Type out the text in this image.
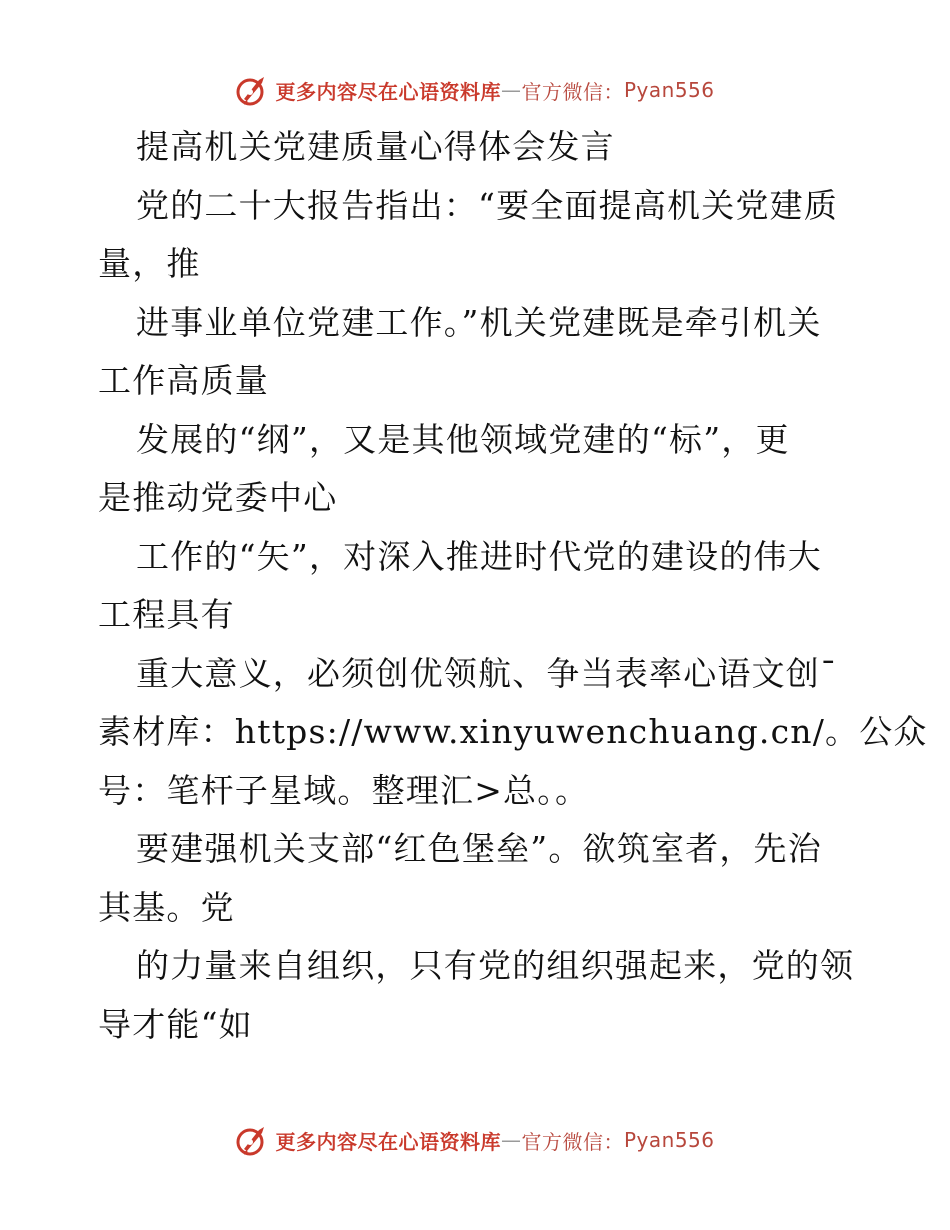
更多内容尽在心语资料库 — 官方微信： Pyan556
提高机关党建质量心得体会发言
党的二十大报告指出：“要全面提高机关党建质
量，推
进事业单位党建工作。”机关党建既是牵引机关
工作高质量
发展的“纲”，又是其他领域党建的“标”，更
是推动党委中心
工作的“矢”，对深入推进时代党的建设的伟大
工程具有
重大意义，必须创优领航、争当表率心语文创¯
素材库：https://www.xinyuwenchuang.cn/。公众
号：笔杆子星域。整理汇>总。。
要建强机关支部“红色堡垒”。欲筑室者，先治
其基。党
的力量来自组织，只有党的组织强起来，党的领
导才能“如
更多内容尽在心语资料库 — 官方微信： Pyan556
